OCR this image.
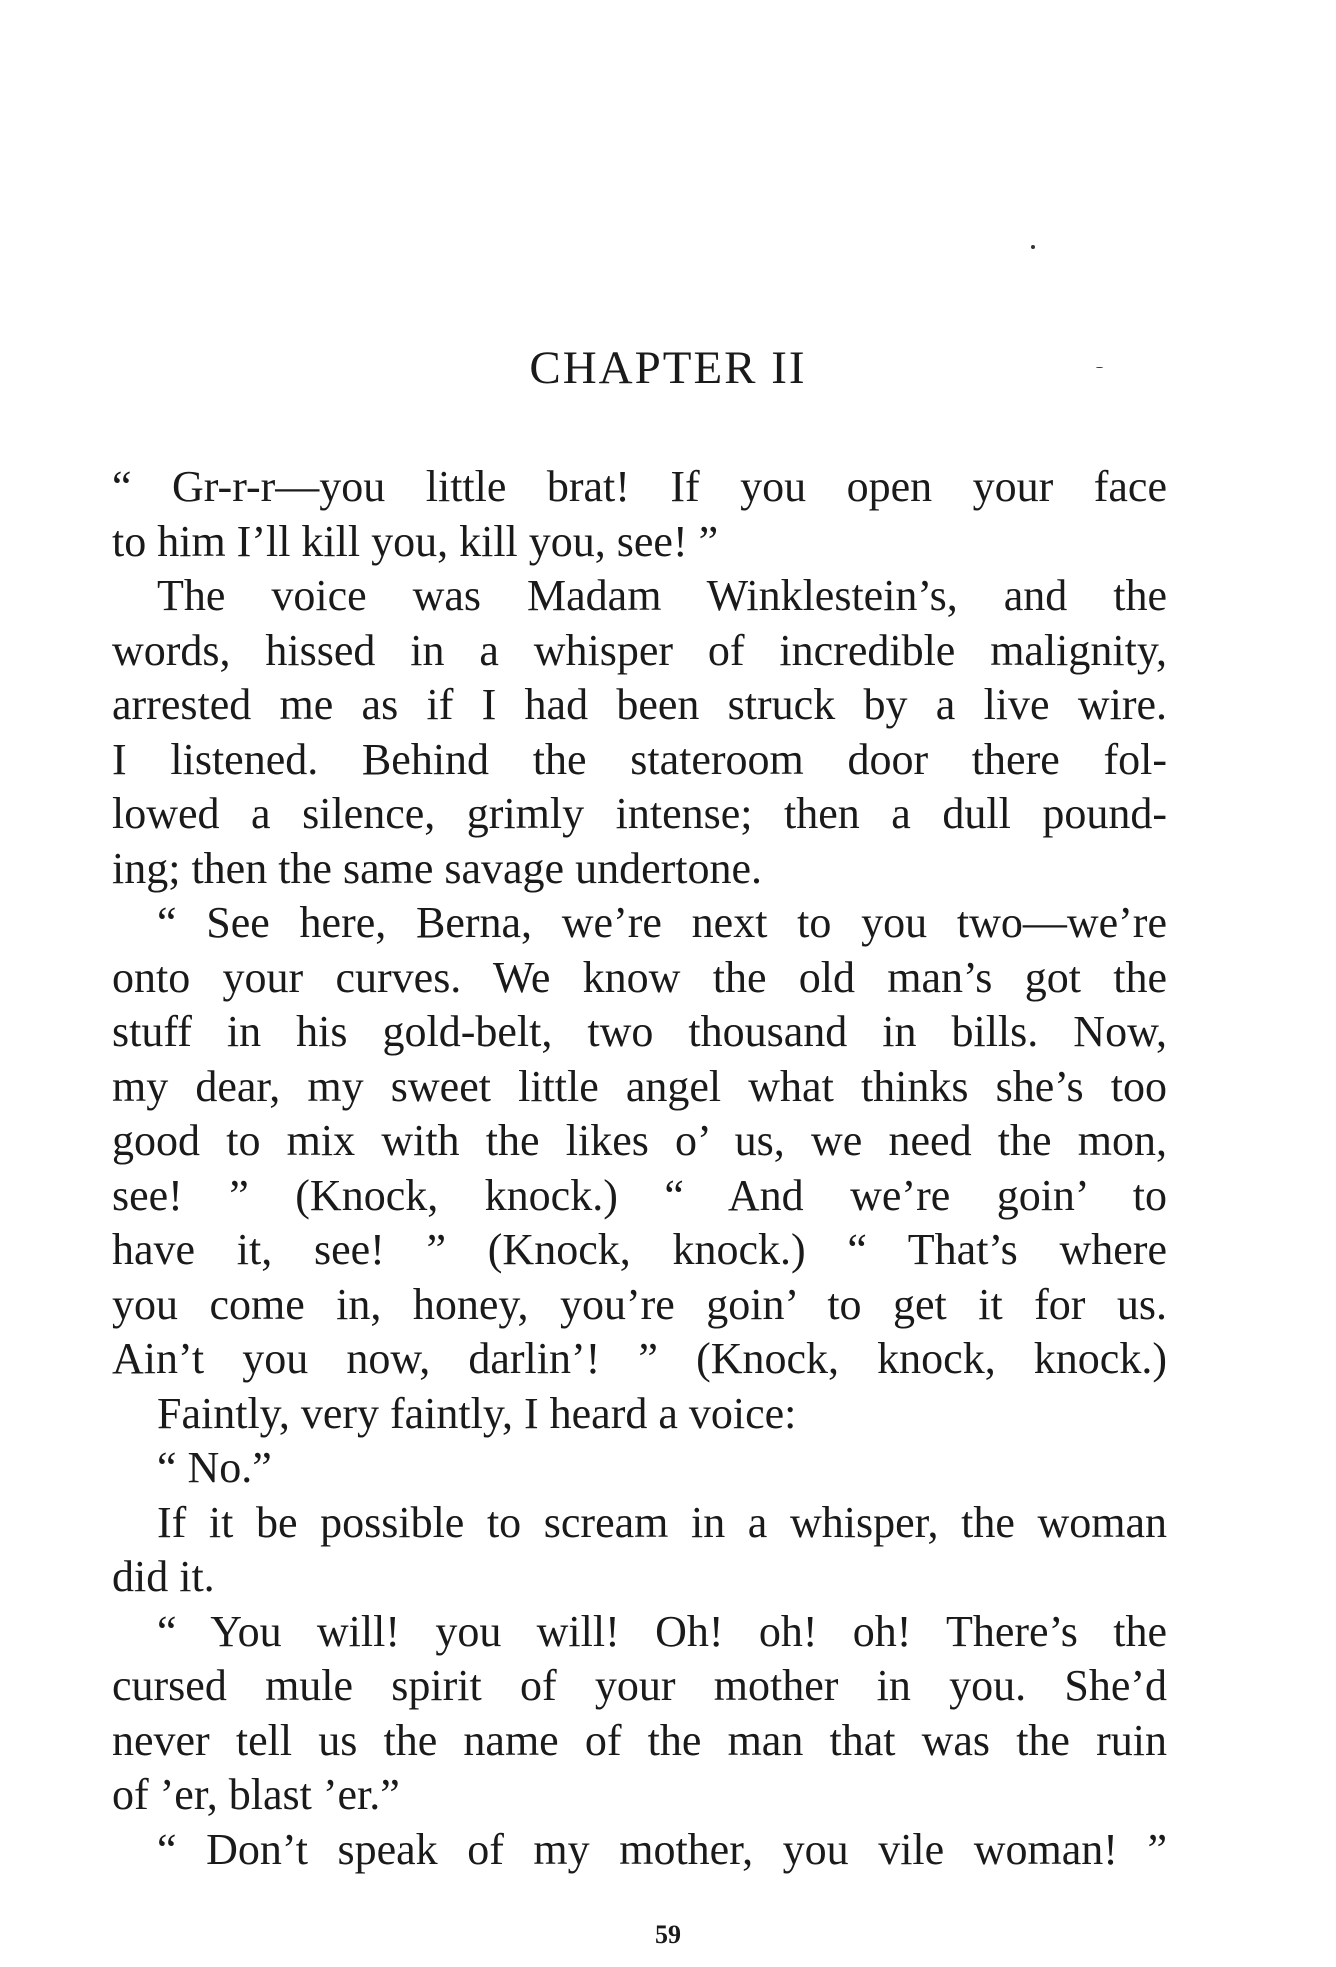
CHAPTER II
“ Gr-r-r—you little brat! If you open your face
to him I’ll kill you, kill you, see! ”
The voice was Madam Winklestein’s, and the
words, hissed in a whisper of incredible malignity,
arrested me as if I had been struck by a live wire.
I listened. Behind the stateroom door there fol-
lowed a silence, grimly intense; then a dull pound-
ing; then the same savage undertone.
“ See here, Berna, we’re next to you two—we’re
onto your curves. We know the old man’s got the
stuff in his gold-belt, two thousand in bills. Now,
my dear, my sweet little angel what thinks she’s too
good to mix with the likes o’ us, we need the mon,
see! ” (Knock, knock.) “ And we’re goin’ to
have it, see! ” (Knock, knock.) “ That’s where
you come in, honey, you’re goin’ to get it for us.
Ain’t you now, darlin’! ” (Knock, knock, knock.)
Faintly, very faintly, I heard a voice:
“ No.”
If it be possible to scream in a whisper, the woman
did it.
“ You will! you will! Oh! oh! oh! There’s the
cursed mule spirit of your mother in you. She’d
never tell us the name of the man that was the ruin
of ’er, blast ’er.”
“ Don’t speak of my mother, you vile woman! ”
59
